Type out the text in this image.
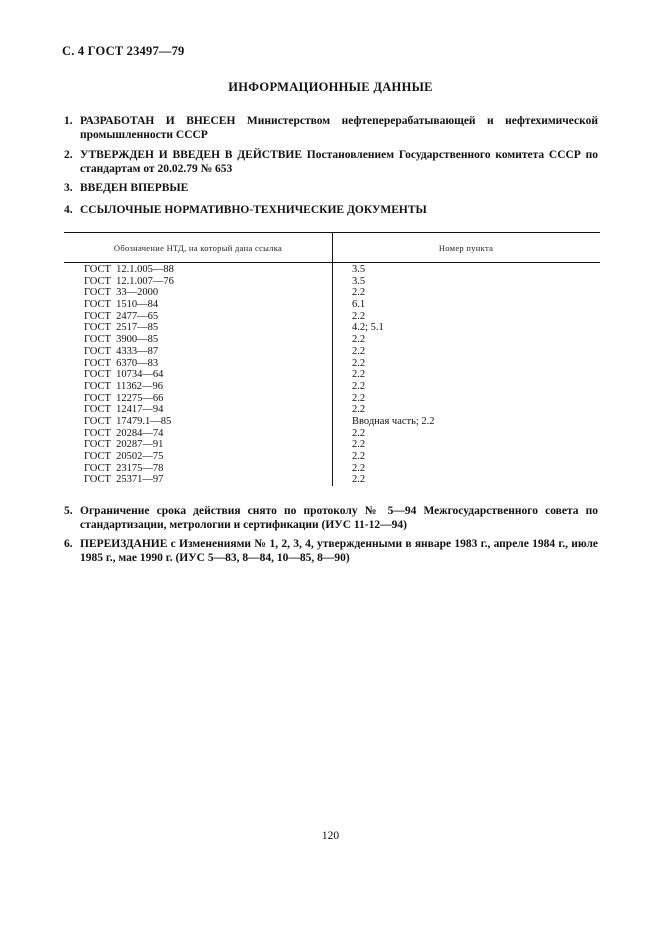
С. 4 ГОСТ 23497—79
ИНФОРМАЦИОННЫЕ ДАННЫЕ
1. РАЗРАБОТАН И ВНЕСЕН Министерством нефтеперерабатывающей и нефтехимической промышленности СССР
2. УТВЕРЖДЕН И ВВЕДЕН В ДЕЙСТВИЕ Постановлением Государственного комитета СССР по стандартам от 20.02.79 № 653
3. ВВЕДЕН ВПЕРВЫЕ
4. ССЫЛОЧНЫЕ НОРМАТИВНО-ТЕХНИЧЕСКИЕ ДОКУМЕНТЫ
Обозначение НТД, на который дана ссылка	Номер пункта
ГОСТ  12.1.005—88	3.5
ГОСТ  12.1.007—76	3.5
ГОСТ  33—2000	2.2
ГОСТ  1510—84	6.1
ГОСТ  2477—65	2.2
ГОСТ  2517—85	4.2; 5.1
ГОСТ  3900—85	2.2
ГОСТ  4333—87	2.2
ГОСТ  6370—83	2.2
ГОСТ  10734—64	2.2
ГОСТ  11362—96	2.2
ГОСТ  12275—66	2.2
ГОСТ  12417—94	2.2
ГОСТ  17479.1—85	Вводная часть; 2.2
ГОСТ  20284—74	2.2
ГОСТ  20287—91	2.2
ГОСТ  20502—75	2.2
ГОСТ  23175—78	2.2
ГОСТ  25371—97	2.2
5. Ограничение срока действия снято по протоколу № 5—94 Межгосударственного совета по стандартизации, метрологии и сертификации (ИУС 11-12—94)
6. ПЕРЕИЗДАНИЕ с Изменениями № 1, 2, 3, 4, утвержденными в январе 1983 г., апреле 1984 г., июле 1985 г., мае 1990 г. (ИУС 5—83, 8—84, 10—85, 8—90)
120
